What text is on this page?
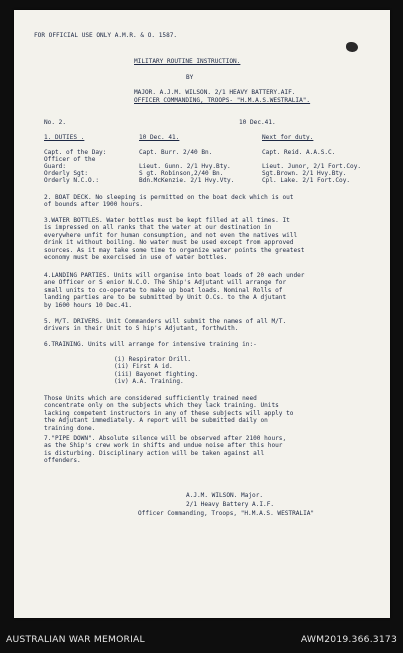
FOR OFFICIAL USE ONLY A.M.R. & O. 1587.
MILITARY ROUTINE INSTRUCTION.
BY
MAJOR. A.J.M. WILSON. 2/1 HEAVY BATTERY.AIF.
OFFICER COMMANDING, TROOPS- "H.M.A.S.WESTRALIA".
No. 2.	10 Dec.41.
1. DUTIES .	10 Dec. 41.	Next for duty.
Capt. of the Day:	Capt. Burr. 2/40 Bn.	Capt. Reid. A.A.S.C.
Officer of the
Guard:	Lieut. Gunn. 2/1 Hvy.Bty.	Lieut. Junor, 2/1 Fort.Coy.
Orderly Sgt:	S gt. Robinson,2/40 Bn.	Sgt.Brown. 2/1 Hvy.Bty.
Orderly N.C.O.:	Bdn.McKenzie. 2/1 Hvy.Vty.	Cpl. Lake. 2/1 Fort.Coy.
2. BOAT DECK. No sleeping is permitted on the boat deck which is out
of bounds after 1900 hours.
3.WATER BOTTLES. Water bottles must be kept filled at all times. It
is impressed on all ranks that the water at our destination in
everywhere unfit for human consumption, and not even the natives will
drink it without boiling. No water must be used except from approved
sources. As it may take some time to organize water points the greatest
economy must be exercised in use of water bottles.
4.LANDING PARTIES. Units will organise into boat loads of 20 each under
ane Officer or S enior N.C.O. The Ship's Adjutant will arrange for
small units to co-operate to make up boat loads. Nominal Rolls of
landing parties are to be submitted by Unit O.Cs. to the A djutant
by 1600 hours 10 Dec.41.
5. M/T. DRIVERS. Unit Commanders will submit the names of all M/T.
drivers in their Unit to S hip's Adjutant, forthwith.
6.TRAINING. Units will arrange for intensive training in:-
(i) Respirator Drill.
(ii) First A id.
(iii) Bayonet fighting.
(iv) A.A. Training.
Those Units which are considered sufficiently trained need
concentrate only on the subjects which they lack training. Units
lacking competent instructors in any of these subjects will apply to
the Adjutant immediately. A report will be submitted daily on
training done.
7."PIPE DOWN". Absolute silence will be observed after 2100 hours,
as the Ship's crew work in shifts and undue noise after this hour
is disturbing. Disciplinary action will be taken against all
offenders.
A.J.M. WILSON. Major.
2/1 Heavy Battery A.I.F.
Officer Commanding, Troops, "H.M.A.S. WESTRALIA"
AUSTRALIAN WAR MEMORIAL	AWM2019.366.3173
